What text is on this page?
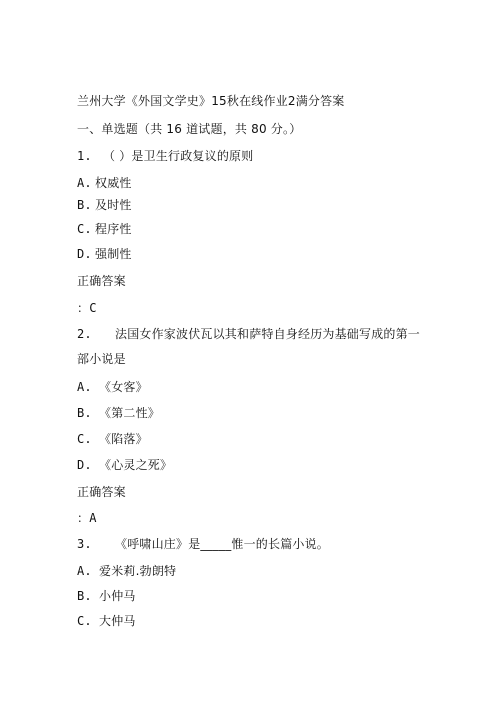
兰州大学《外国文学史》15秋在线作业2满分答案
一、单选题（共 16 道试题，共 80 分。）
1. （ ）是卫生行政复议的原则
A. 权威性
B. 及时性
C. 程序性
D. 强制性
正确答案
：C
2. 法国女作家波伏瓦以其和萨特自身经历为基础写成的第一
部小说是
A. 《女客》
B. 《第二性》
C. 《陷落》
D. 《心灵之死》
正确答案
：A
3. 《呼啸山庄》是_____惟一的长篇小说。
A. 爱米莉.勃朗特
B. 小仲马
C. 大仲马
